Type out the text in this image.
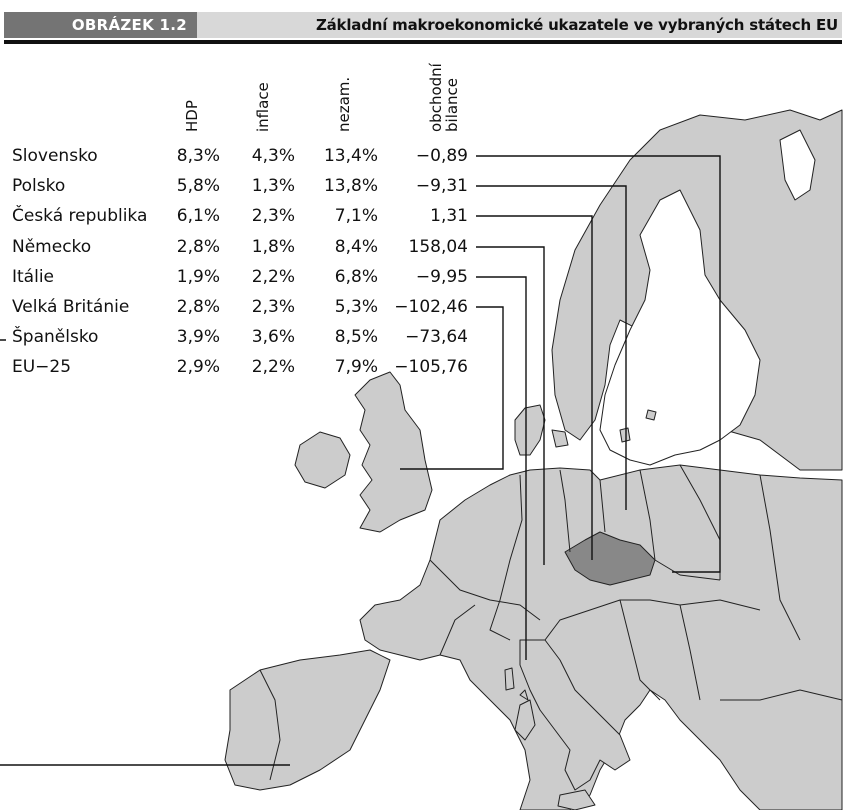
OBRÁZEK 1.2	Základní makroekonomické ukazatele ve vybraných státech EU
HDP	inflace	nezam.	obchodní
bilance
Slovensko	8,3% 4,3% 13,4% −0,89
Polsko	5,8% 1,3% 13,8% −9,31
Česká republika 6,1% 2,3% 7,1%	1,31
Německo	2,8% 1,8% 8,4% 158,04
Itálie	1,9% 2,2% 6,8% −9,95
Velká Británie	2,8% 2,3% 5,3% −102,46
Španělsko	3,9% 3,6% 8,5% −73,64
EU−25	2,9% 2,2% 7,9% −105,76
